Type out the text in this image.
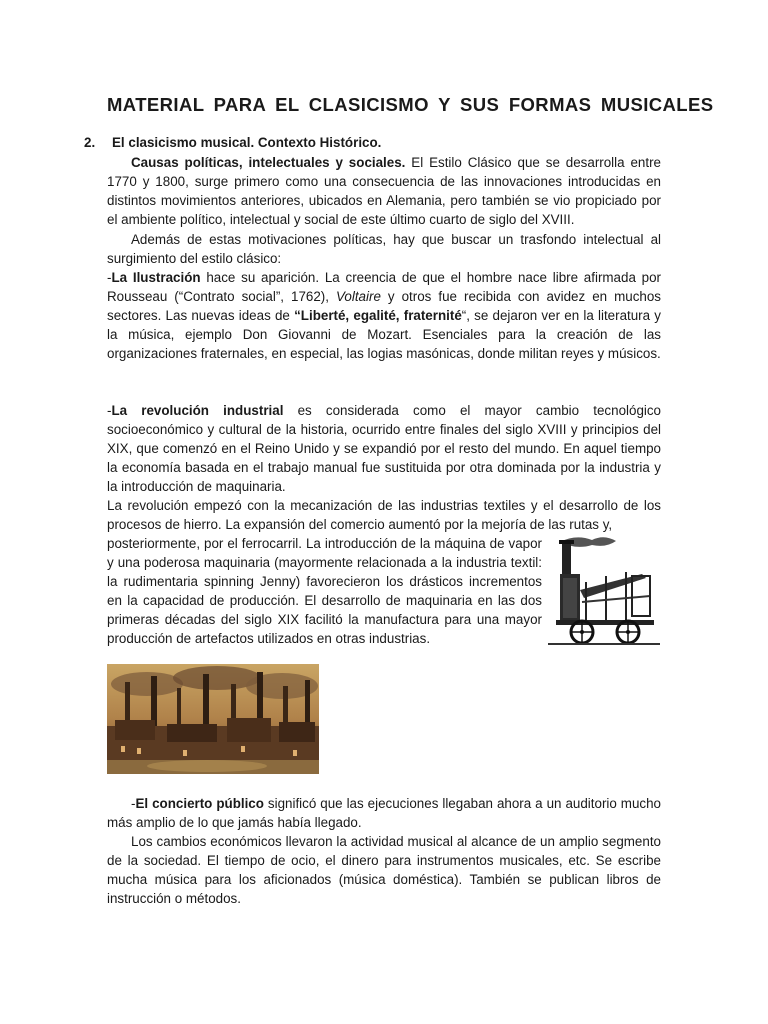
MATERIAL PARA EL CLASICISMO Y SUS FORMAS MUSICALES
2. El clasicismo musical. Contexto Histórico.

Causas políticas, intelectuales y sociales. El Estilo Clásico que se desarrolla entre 1770 y 1800, surge primero como una consecuencia de las innovaciones introducidas en distintos movimientos anteriores, ubicados en Alemania, pero también se vio propiciado por el ambiente político, intelectual y social de este último cuarto de siglo del XVIII.

Además de estas motivaciones políticas, hay que buscar un trasfondo intelectual al surgimiento del estilo clásico:

-La Ilustración hace su aparición. La creencia de que el hombre nace libre afirmada por Rousseau (“Contrato social”, 1762), Voltaire y otros fue recibida con avidez en muchos sectores. Las nuevas ideas de “Liberté, egalité, fraternité“, se dejaron ver en la literatura y la música, ejemplo Don Giovanni de Mozart. Esenciales para la creación de las organizaciones fraternales, en especial, las logias masónicas, donde militan reyes y músicos.

-La revolución industrial es considerada como el mayor cambio tecnológico socioeconómico y cultural de la historia, ocurrido entre finales del siglo XVIII y principios del XIX, que comenzó en el Reino Unido y se expandió por el resto del mundo. En aquel tiempo la economía basada en el trabajo manual fue sustituida por otra dominada por la industria y la introducción de maquinaria.

La revolución empezó con la mecanización de las industrias textiles y el desarrollo de los procesos de hierro. La expansión del comercio aumentó por la mejoría de las rutas y,

posteriormente, por el ferrocarril. La introducción de la máquina de vapor y una poderosa maquinaria (mayormente relacionada a la industria textil: la rudimentaria spinning Jenny) favorecieron los drásticos incrementos en la capacidad de producción. El desarrollo de maquinaria en las dos primeras décadas del siglo XIX facilitó la manufactura para una mayor producción de artefactos utilizados en otras industrias.

-El concierto público significó que las ejecuciones llegaban ahora a un auditorio mucho más amplio de lo que jamás había llegado.

Los cambios económicos llevaron la actividad musical al alcance de un amplio segmento de la sociedad. El tiempo de ocio, el dinero para instrumentos musicales, etc. Se escribe mucha música para los aficionados (música doméstica). También se publican libros de instrucción o métodos.
